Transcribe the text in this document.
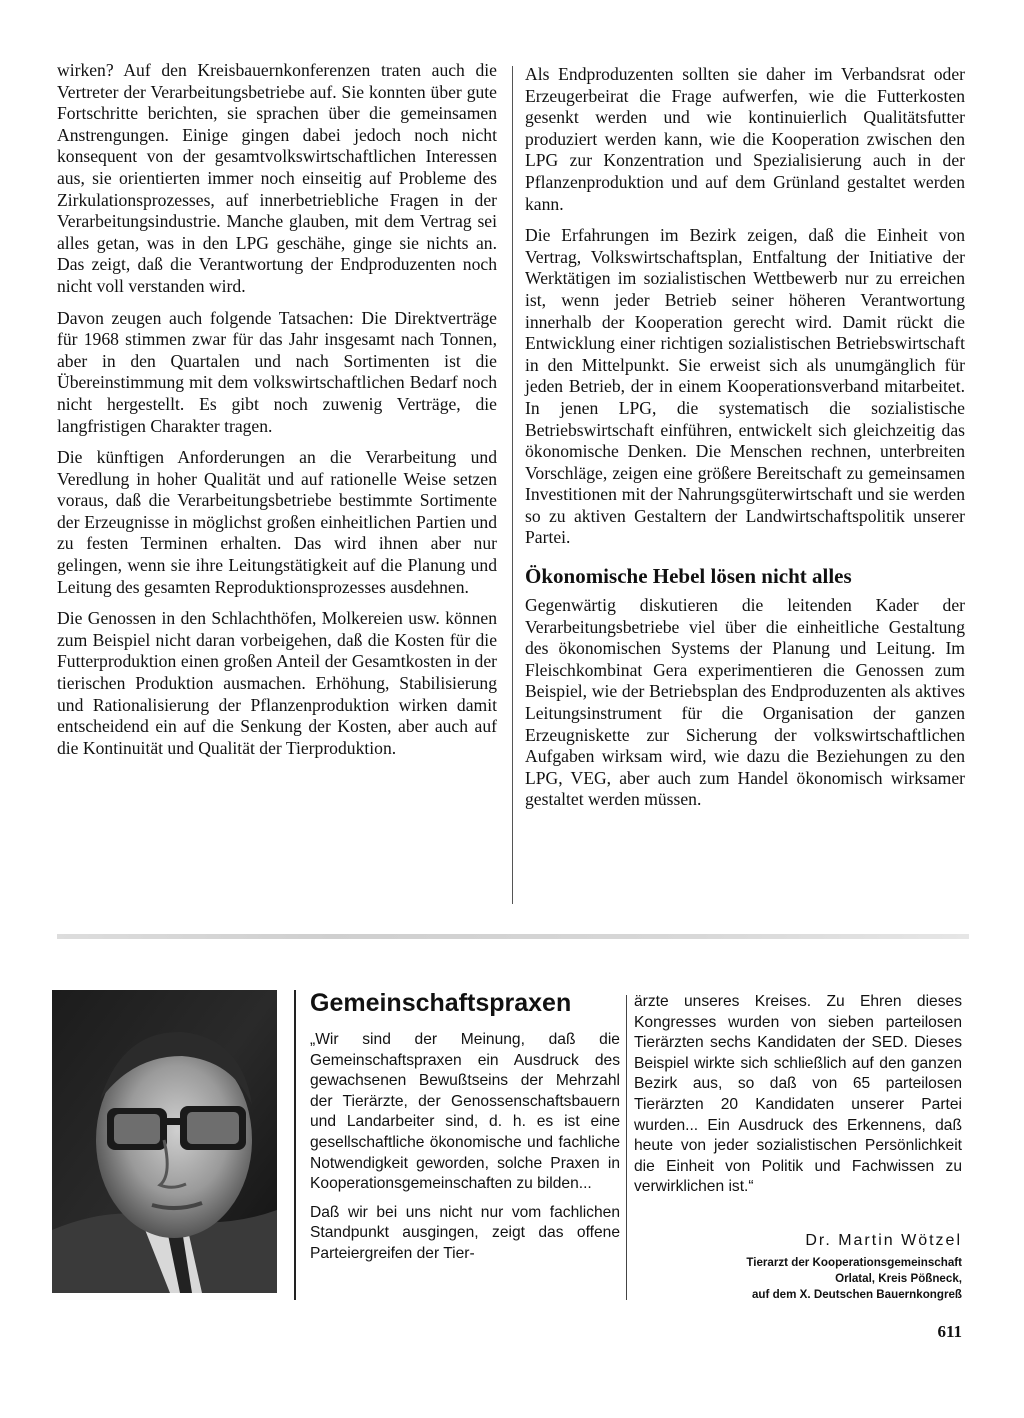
wirken? Auf den Kreisbauernkonferenzen traten auch die Vertreter der Verarbeitungsbetriebe auf. Sie konnten über gute Fortschritte berichten, sie sprachen über die gemeinsamen Anstrengungen. Einige gingen dabei jedoch noch nicht konsequent von der gesamtvolkswirtschaftlichen Interessen aus, sie orientierten immer noch einseitig auf Probleme des Zirkulationsprozesses, auf innerbetriebliche Fragen in der Verarbeitungsindustrie. Manche glauben, mit dem Vertrag sei alles getan, was in den LPG geschähe, ginge sie nichts an. Das zeigt, daß die Verantwortung der Endproduzenten noch nicht voll verstanden wird.

Davon zeugen auch folgende Tatsachen: Die Direktverträge für 1968 stimmen zwar für das Jahr insgesamt nach Tonnen, aber in den Quartalen und nach Sortimenten ist die Übereinstimmung mit dem volkswirtschaftlichen Bedarf noch nicht hergestellt. Es gibt noch zuwenig Verträge, die langfristigen Charakter tragen.

Die künftigen Anforderungen an die Verarbeitung und Veredlung in hoher Qualität und auf rationelle Weise setzen voraus, daß die Verarbeitungsbetriebe bestimmte Sortimente der Erzeugnisse in möglichst großen einheitlichen Partien und zu festen Terminen erhalten. Das wird ihnen aber nur gelingen, wenn sie ihre Leitungstätigkeit auf die Planung und Leitung des gesamten Reproduktionsprozesses ausdehnen.

Die Genossen in den Schlachthöfen, Molkereien usw. können zum Beispiel nicht daran vorbeigehen, daß die Kosten für die Futterproduktion einen großen Anteil der Gesamtkosten in der tierischen Produktion ausmachen. Erhöhung, Stabilisierung und Rationalisierung der Pflanzenproduktion wirken damit entscheidend ein auf die Senkung der Kosten, aber auch auf die Kontinuität und Qualität der Tierproduktion.

Als Endproduzenten sollten sie daher im Verbandsrat oder Erzeugerbeirat die Frage aufwerfen, wie die Futterkosten gesenkt werden und wie kontinuierlich Qualitätsfutter produziert werden kann, wie die Kooperation zwischen den LPG zur Konzentration und Spezialisierung auch in der Pflanzenproduktion und auf dem Grünland gestaltet werden kann.

Die Erfahrungen im Bezirk zeigen, daß die Einheit von Vertrag, Volkswirtschaftsplan, Entfaltung der Initiative der Werktätigen im sozialistischen Wettbewerb nur zu erreichen ist, wenn jeder Betrieb seiner höheren Verantwortung innerhalb der Kooperation gerecht wird. Damit rückt die Entwicklung einer richtigen sozialistischen Betriebswirtschaft in den Mittelpunkt. Sie erweist sich als unumgänglich für jeden Betrieb, der in einem Kooperationsverband mitarbeitet. In jenen LPG, die systematisch die sozialistische Betriebswirtschaft einführen, entwickelt sich gleichzeitig das ökonomische Denken. Die Menschen rechnen, unterbreiten Vorschläge, zeigen eine größere Bereitschaft zu gemeinsamen Investitionen mit der Nahrungsgüterwirtschaft und sie werden so zu aktiven Gestaltern der Landwirtschaftspolitik unserer Partei.

Ökonomische Hebel lösen nicht alles

Gegenwärtig diskutieren die leitenden Kader der Verarbeitungsbetriebe viel über die einheitliche Gestaltung des ökonomischen Systems der Planung und Leitung. Im Fleischkombinat Gera experimentieren die Genossen zum Beispiel, wie der Betriebsplan des Endproduzenten als aktives Leitungsinstrument für die Organisation der ganzen Erzeugniskette zur Sicherung der volkswirtschaftlichen Aufgaben wirksam wird, wie dazu die Beziehungen zu den LPG, VEG, aber auch zum Handel ökonomisch wirksamer gestaltet werden müssen.

Gemeinschaftspraxen

„Wir sind der Meinung, daß die Gemeinschaftspraxen ein Ausdruck des gewachsenen Bewußtseins der Mehrzahl der Tierärzte, der Genossenschaftsbauern und Landarbeiter sind, d. h. es ist eine gesellschaftliche ökonomische und fachliche Notwendigkeit geworden, solche Praxen in Kooperationsgemeinschaften zu bilden...

Daß wir bei uns nicht nur vom fachlichen Standpunkt ausgingen, zeigt das offene Parteiergreifen der Tier-

ärzte unseres Kreises. Zu Ehren dieses Kongresses wurden von sieben parteilosen Tierärzten sechs Kandidaten der SED. Dieses Beispiel wirkte sich schließlich auf den ganzen Bezirk aus, so daß von 65 parteilosen Tierärzten 20 Kandidaten unserer Partei wurden... Ein Ausdruck des Erkennens, daß heute von jeder sozialistischen Persönlichkeit die Einheit von Politik und Fachwissen zu verwirklichen ist.“

Dr. Martin Wötzel
Tierarzt der Kooperationsgemeinschaft
Orlatal, Kreis Pößneck,
auf dem X. Deutschen Bauernkongreß
611
